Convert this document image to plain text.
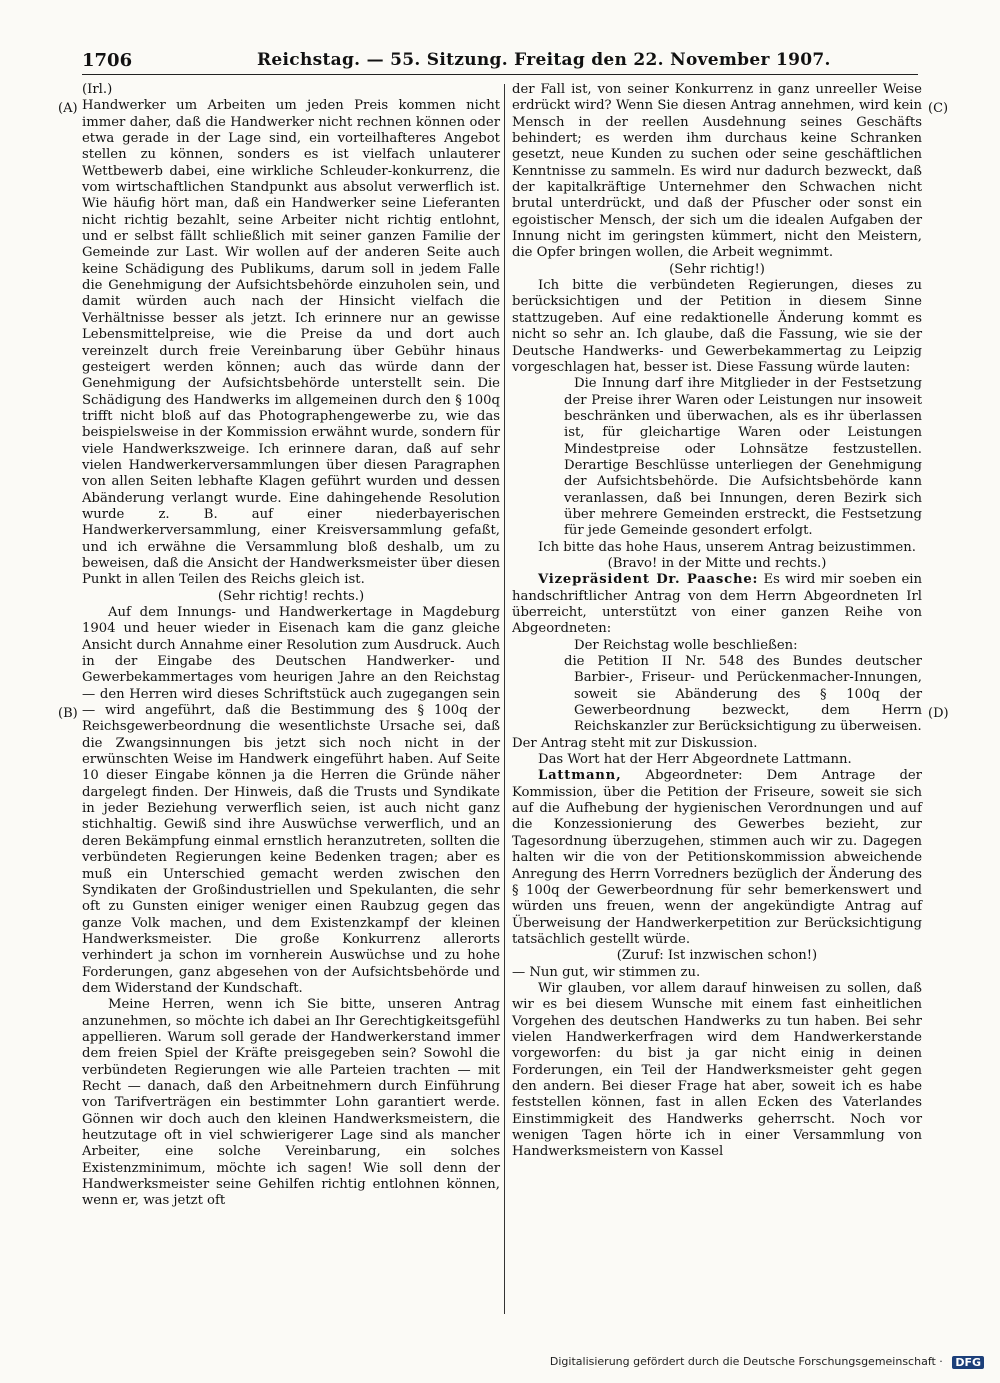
1706	Reichstag. — 55. Sitzung. Freitag den 22. November 1907.
(A)
(B)
(C)
(D)

(Irl.)

Handwerker um Arbeiten um jeden Preis kommen nicht immer daher, daß die Handwerker nicht rechnen können oder etwa gerade in der Lage sind, ein vorteilhafteres Angebot stellen zu können, sonders es ist vielfach unlauterer Wettbewerb dabei, eine wirkliche Schleuder-konkurrenz, die vom wirtschaftlichen Standpunkt aus absolut verwerflich ist. Wie häufig hört man, daß ein Handwerker seine Lieferanten nicht richtig bezahlt, seine Arbeiter nicht richtig entlohnt, und er selbst fällt schließlich mit seiner ganzen Familie der Gemeinde zur Last. Wir wollen auf der anderen Seite auch keine Schädigung des Publikums, darum soll in jedem Falle die Genehmigung der Aufsichtsbehörde einzuholen sein, und damit würden auch nach der Hinsicht vielfach die Verhältnisse besser als jetzt. Ich erinnere nur an gewisse Lebensmittelpreise, wie die Preise da und dort auch vereinzelt durch freie Vereinbarung über Gebühr hinaus gesteigert werden können; auch das würde dann der Genehmigung der Aufsichtsbehörde unterstellt sein. Die Schädigung des Handwerks im allgemeinen durch den § 100q trifft nicht bloß auf das Photographengewerbe zu, wie das beispielsweise in der Kommission erwähnt wurde, sondern für viele Handwerkszweige. Ich erinnere daran, daß auf sehr vielen Handwerkerversammlungen über diesen Paragraphen von allen Seiten lebhafte Klagen geführt wurden und dessen Abänderung verlangt wurde. Eine dahingehende Resolution wurde z. B. auf einer niederbayerischen Handwerkerversammlung, einer Kreisversammlung gefaßt, und ich erwähne die Versammlung bloß deshalb, um zu beweisen, daß die Ansicht der Handwerksmeister über diesen Punkt in allen Teilen des Reichs gleich ist.

(Sehr richtig! rechts.)

Auf dem Innungs- und Handwerkertage in Magdeburg 1904 und heuer wieder in Eisenach kam die ganz gleiche Ansicht durch Annahme einer Resolution zum Ausdruck. Auch in der Eingabe des Deutschen Handwerker- und Gewerbekammertages vom heurigen Jahre an den Reichstag — den Herren wird dieses Schriftstück auch zugegangen sein — wird angeführt, daß die Bestimmung des § 100q der Reichsgewerbeordnung die wesentlichste Ursache sei, daß die Zwangsinnungen bis jetzt sich noch nicht in der erwünschten Weise im Handwerk eingeführt haben. Auf Seite 10 dieser Eingabe können ja die Herren die Gründe näher dargelegt finden. Der Hinweis, daß die Trusts und Syndikate in jeder Beziehung verwerflich seien, ist auch nicht ganz stichhaltig. Gewiß sind ihre Auswüchse verwerflich, und an deren Bekämpfung einmal ernstlich heranzutreten, sollten die verbündeten Regierungen keine Bedenken tragen; aber es muß ein Unterschied gemacht werden zwischen den Syndikaten der Großindustriellen und Spekulanten, die sehr oft zu Gunsten einiger weniger einen Raubzug gegen das ganze Volk machen, und dem Existenzkampf der kleinen Handwerksmeister. Die große Konkurrenz allerorts verhindert ja schon im vornherein Auswüchse und zu hohe Forderungen, ganz abgesehen von der Aufsichtsbehörde und dem Widerstand der Kundschaft.

Meine Herren, wenn ich Sie bitte, unseren Antrag anzunehmen, so möchte ich dabei an Ihr Gerechtigkeitsgefühl appellieren. Warum soll gerade der Handwerkerstand immer dem freien Spiel der Kräfte preisgegeben sein? Sowohl die verbündeten Regierungen wie alle Parteien trachten — mit Recht — danach, daß den Arbeitnehmern durch Einführung von Tarifverträgen ein bestimmter Lohn garantiert werde. Gönnen wir doch auch den kleinen Handwerksmeistern, die heutzutage oft in viel schwierigerer Lage sind als mancher Arbeiter, eine solche Vereinbarung, ein solches Existenzminimum, möchte ich sagen! Wie soll denn der Handwerksmeister seine Gehilfen richtig entlohnen können, wenn er, was jetzt oft

der Fall ist, von seiner Konkurrenz in ganz unreeller Weise erdrückt wird? Wenn Sie diesen Antrag annehmen, wird kein Mensch in der reellen Ausdehnung seines Geschäfts behindert; es werden ihm durchaus keine Schranken gesetzt, neue Kunden zu suchen oder seine geschäftlichen Kenntnisse zu sammeln. Es wird nur dadurch bezweckt, daß der kapitalkräftige Unternehmer den Schwachen nicht brutal unterdrückt, und daß der Pfuscher oder sonst ein egoistischer Mensch, der sich um die idealen Aufgaben der Innung nicht im geringsten kümmert, nicht den Meistern, die Opfer bringen wollen, die Arbeit wegnimmt.

(Sehr richtig!)

Ich bitte die verbündeten Regierungen, dieses zu berücksichtigen und der Petition in diesem Sinne stattzugeben. Auf eine redaktionelle Änderung kommt es nicht so sehr an. Ich glaube, daß die Fassung, wie sie der Deutsche Handwerks- und Gewerbekammertag zu Leipzig vorgeschlagen hat, besser ist. Diese Fassung würde lauten:

Die Innung darf ihre Mitglieder in der Festsetzung der Preise ihrer Waren oder Leistungen nur insoweit beschränken und überwachen, als es ihr überlassen ist, für gleichartige Waren oder Leistungen Mindestpreise oder Lohnsätze festzustellen. Derartige Beschlüsse unterliegen der Genehmigung der Aufsichtsbehörde. Die Aufsichtsbehörde kann veranlassen, daß bei Innungen, deren Bezirk sich über mehrere Gemeinden erstreckt, die Festsetzung für jede Gemeinde gesondert erfolgt.

Ich bitte das hohe Haus, unserem Antrag beizustimmen.

(Bravo! in der Mitte und rechts.)

Vizepräsident Dr. Paasche: Es wird mir soeben ein handschriftlicher Antrag von dem Herrn Abgeordneten Irl überreicht, unterstützt von einer ganzen Reihe von Abgeordneten:

Der Reichstag wolle beschließen:

die Petition II Nr. 548 des Bundes deutscher Barbier-, Friseur- und Perückenmacher-Innungen, soweit sie Abänderung des § 100q der Gewerbeordnung bezweckt, dem Herrn Reichskanzler zur Berücksichtigung zu überweisen.

Der Antrag steht mit zur Diskussion.

Das Wort hat der Herr Abgeordnete Lattmann.

Lattmann, Abgeordneter: Dem Antrage der Kommission, über die Petition der Friseure, soweit sie sich auf die Aufhebung der hygienischen Verordnungen und auf die Konzessionierung des Gewerbes bezieht, zur Tagesordnung überzugehen, stimmen auch wir zu. Dagegen halten wir die von der Petitionskommission abweichende Anregung des Herrn Vorredners bezüglich der Änderung des § 100q der Gewerbeordnung für sehr bemerkenswert und würden uns freuen, wenn der angekündigte Antrag auf Überweisung der Handwerkerpetition zur Berücksichtigung tatsächlich gestellt würde.

(Zuruf: Ist inzwischen schon!)

— Nun gut, wir stimmen zu.

Wir glauben, vor allem darauf hinweisen zu sollen, daß wir es bei diesem Wunsche mit einem fast einheitlichen Vorgehen des deutschen Handwerks zu tun haben. Bei sehr vielen Handwerkerfragen wird dem Handwerkerstande vorgeworfen: du bist ja gar nicht einig in deinen Forderungen, ein Teil der Handwerksmeister geht gegen den andern. Bei dieser Frage hat aber, soweit ich es habe feststellen können, fast in allen Ecken des Vaterlandes Einstimmigkeit des Handwerks geherrscht. Noch vor wenigen Tagen hörte ich in einer Versammlung von Handwerksmeistern von Kassel

Digitalisierung gefördert durch die Deutsche Forschungsgemeinschaft · DFG
